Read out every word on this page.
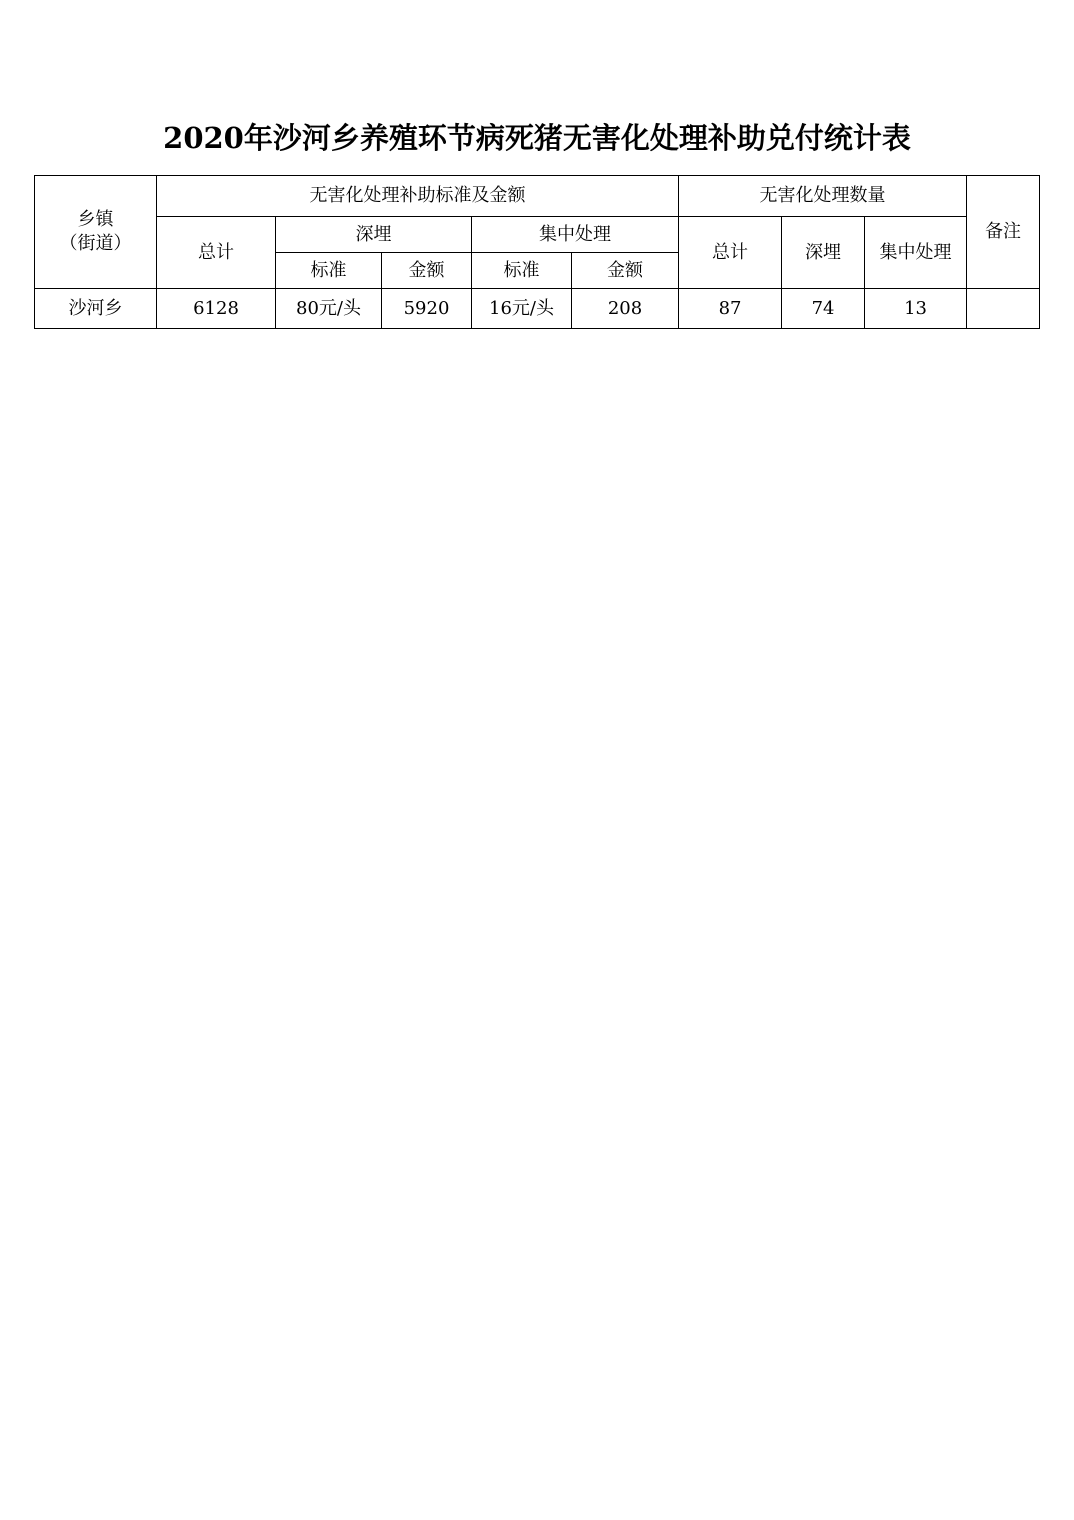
2020年沙河乡养殖环节病死猪无害化处理补助兑付统计表
乡镇
（街道）	无害化处理补助标准及金额					无害化处理数量			备注
	总计	深埋		集中处理		总计	深埋	集中处理	
		标准	金额	标准	金额				
沙河乡	6128	80元/头	5920	16元/头	208	87	74	13	
